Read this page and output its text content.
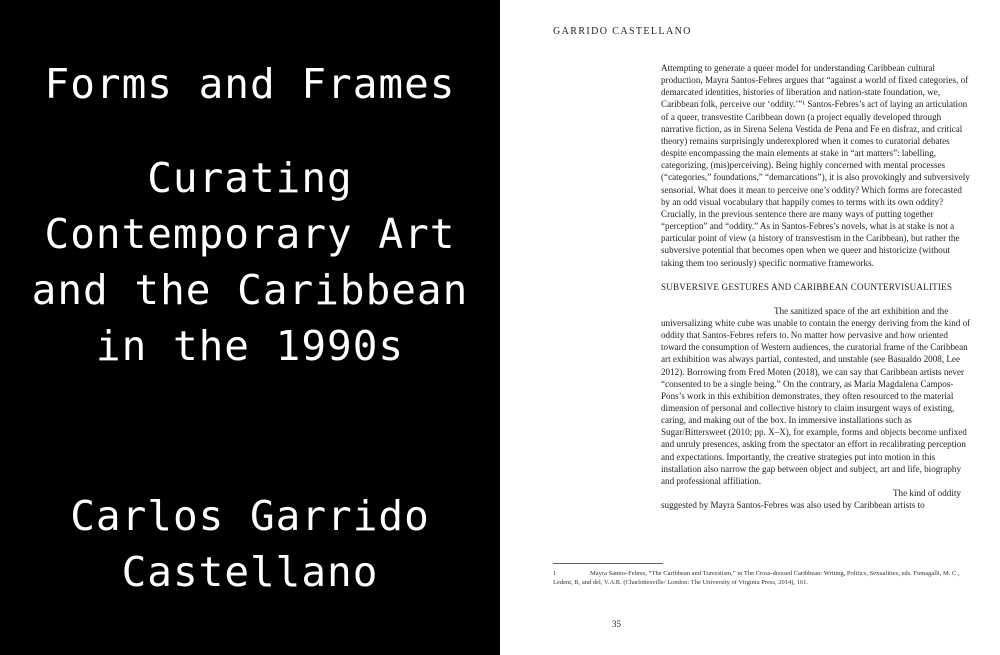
Forms and Frames
Curating
Contemporary Art
and the Caribbean
in the 1990s
Carlos Garrido
Castellano
GARRIDO CASTELLANO

Attempting to generate a queer model for understanding Caribbean cultural production, Mayra Santos-Febres argues that “against a world of fixed categories, of demarcated identities, histories of liberation and nation-state foundation, we, Caribbean folk, perceive our ‘oddity.’”¹ Santos-Febres’s act of laying an articulation of a queer, transvestite Caribbean down (a project equally developed through narrative fiction, as in Sirena Selena Vestida de Pena and Fe en disfraz, and critical theory) remains surprisingly underexplored when it comes to curatorial debates despite encompassing the main elements at stake in “art matters”: labelling, categorizing, (mis)perceiving). Being highly concerned with mental processes (“categories,” foundations,” “demarcations”), it is also provokingly and subversively sensorial. What does it mean to perceive one’s oddity? Which forms are forecasted by an odd visual vocabulary that happily comes to terms with its own oddity? Crucially, in the previous sentence there are many ways of putting together “perception” and “oddity.” As in Santos-Febres’s novels, what is at stake is not a particular point of view (a history of transvestism in the Caribbean), but rather the subversive potential that becomes open when we queer and historicize (without taking them too seriously) specific normative frameworks.

SUBVERSIVE GESTURES AND CARIBBEAN COUNTERVISUALITIES

The sanitized space of the art exhibition and the universalizing white cube was unable to contain the energy deriving from the kind of oddity that Santos-Febres refers to. No matter how pervasive and how oriented toward the consumption of Western audiences, the curatorial frame of the Caribbean art exhibition was always partial, contested, and unstable (see Basualdo 2008, Lee 2012). Borrowing from Fred Moten (2018), we can say that Caribbean artists never “consented to be a single being.” On the contrary, as María Magdalena Campos-Pons’s work in this exhibition demonstrates, they often resourced to the material dimension of personal and collective history to claim insurgent ways of existing, caring, and making out of the box. In immersive installations such as Sugar/Bittersweet (2010; pp. X–X), for example, forms and objects become unfixed and unruly presences, asking from the spectator an effort in recalibrating perception and expectations. Importantly, the creative strategies put into motion in this installation also narrow the gap between object and subject, art and life, biography and professional affiliation.

The kind of oddity suggested by Mayra Santos-Febres was also used by Caribbean artists to

1	Mayra Santos-Febres, “The Caribbean and Travestism,” in The Cross-dressed Caribbean: Writing, Politics, Sexualities, eds. Fumagalli, M. C., Ledent, B, and del, V.A.R. (Charlottesville/ London: The University of Virginia Press, 2014), 161.
35
